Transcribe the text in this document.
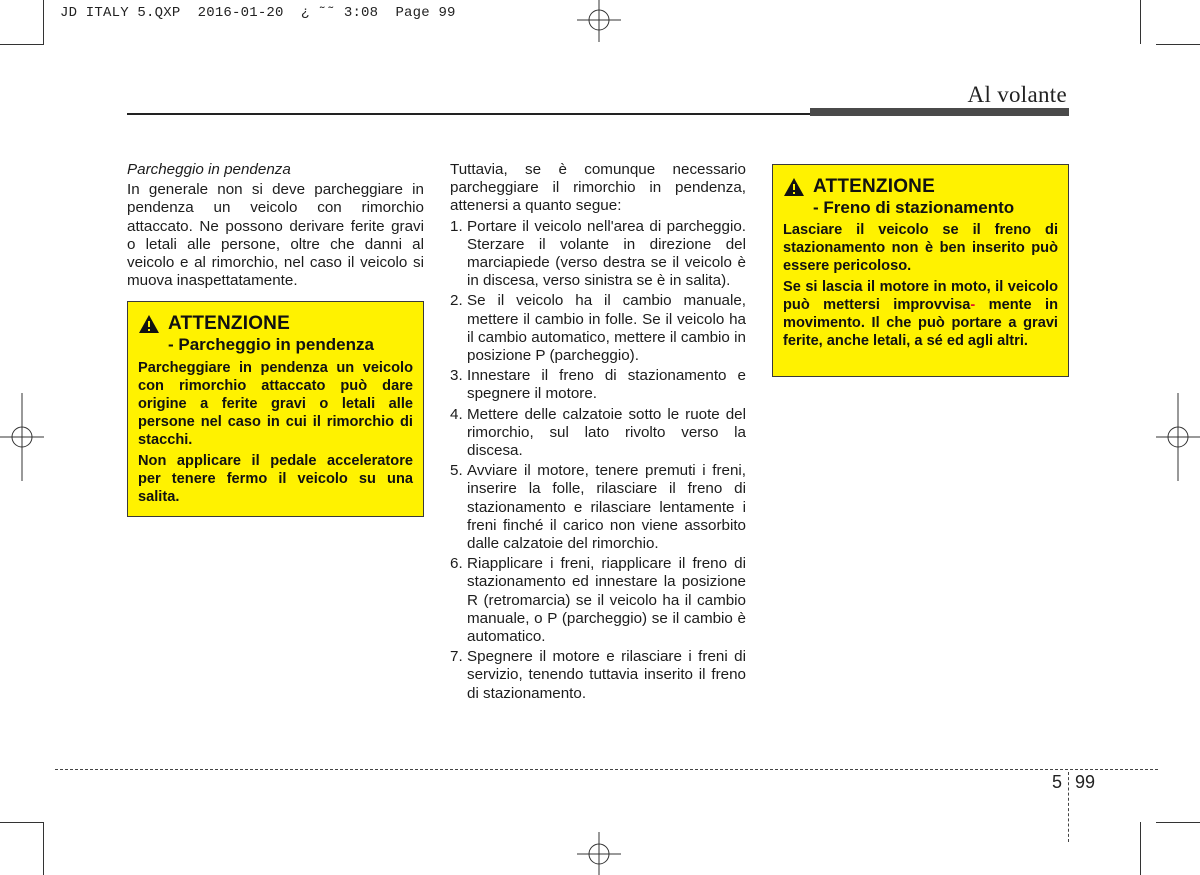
JD ITALY 5.QXP  2016-01-20  ¿ ˜˜ 3:08  Page 99
Al volante
Parcheggio in pendenza

In generale non si deve parcheggiare in pendenza un veicolo con rimorchio attaccato. Ne possono derivare ferite gravi o letali alle persone, oltre che danni al veicolo e al rimorchio, nel caso il veicolo si muova inaspettatamente.

ATTENZIONE
- Parcheggio in pendenza

Parcheggiare in pendenza un veicolo con rimorchio attaccato può dare origine a ferite gravi o letali alle persone nel caso in cui il rimorchio di stacchi.

Non applicare il pedale acceleratore per tenere fermo il veicolo su una salita.

Tuttavia, se è comunque necessario parcheggiare il rimorchio in pendenza, attenersi a quanto segue:

1. Portare il veicolo nell'area di parcheggio. Sterzare il volante in direzione del marciapiede (verso destra se il veicolo è in discesa, verso sinistra se è in salita).
2. Se il veicolo ha il cambio manuale, mettere il cambio in folle. Se il veicolo ha il cambio automatico, mettere il cambio in posizione P (parcheggio).
3. Innestare il freno di stazionamento e spegnere il motore.
4. Mettere delle calzatoie sotto le ruote del rimorchio, sul lato rivolto verso la discesa.
5. Avviare il motore, tenere premuti i freni, inserire la folle, rilasciare il freno di stazionamento e rilasciare lentamente i freni finché il carico non viene assorbito dalle calzatoie del rimorchio.
6. Riapplicare i freni, riapplicare il freno di stazionamento ed innestare la posizione R (retromarcia) se il veicolo ha il cambio manuale, o P (parcheggio) se il cambio è automatico.
7. Spegnere il motore e rilasciare i freni di servizio, tenendo tuttavia inserito il freno di stazionamento.
ATTENZIONE
- Freno di stazionamento

Lasciare il veicolo se il freno di stazionamento non è ben inserito può essere pericoloso.

Se si lascia il motore in moto, il veicolo può mettersi improvvisa- mente in movimento. Il che può portare a gravi ferite, anche letali, a sé ed agli altri.

5 99
